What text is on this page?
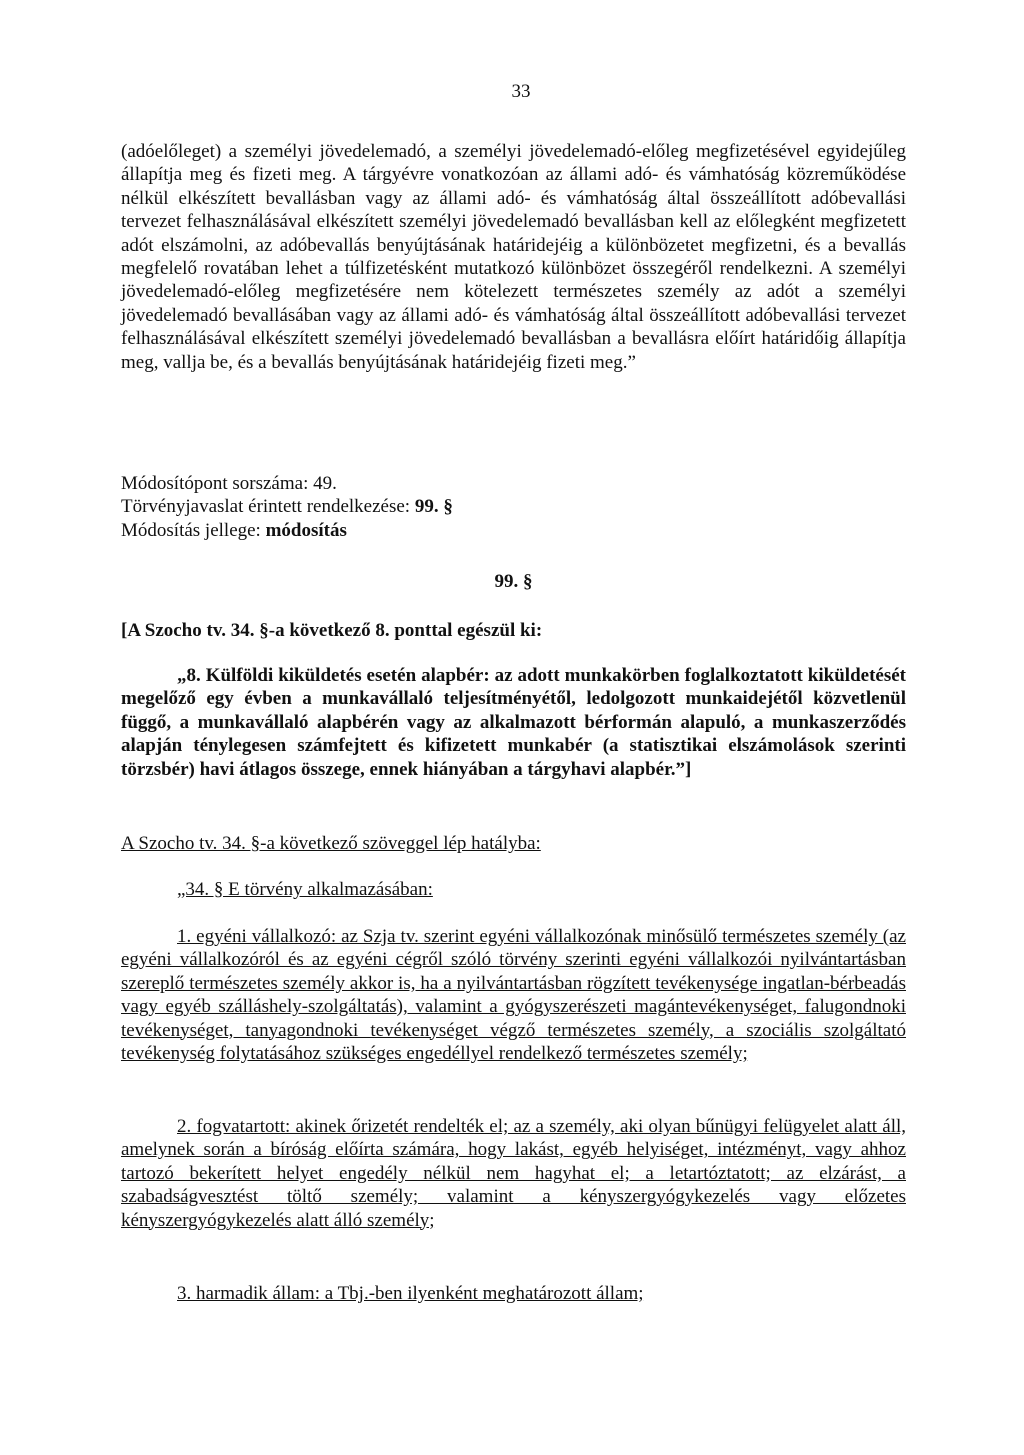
33

(adóelőleget) a személyi jövedelemadó, a személyi jövedelemadó-előleg megfizetésével egyidejűleg állapítja meg és fizeti meg. A tárgyévre vonatkozóan az állami adó- és vámhatóság közreműködése nélkül elkészített bevallásban vagy az állami adó- és vámhatóság által összeállított adóbevallási tervezet felhasználásával elkészített személyi jövedelemadó bevallásban kell az előlegként megfizetett adót elszámolni, az adóbevallás benyújtásának határidejéig a különbözetet megfizetni, és a bevallás megfelelő rovatában lehet a túlfizetésként mutatkozó különbözet összegéről rendelkezni. A személyi jövedelemadó-előleg megfizetésére nem kötelezett természetes személy az adót a személyi jövedelemadó bevallásában vagy az állami adó- és vámhatóság által összeállított adóbevallási tervezet felhasználásával elkészített személyi jövedelemadó bevallásban a bevallásra előírt határidőig állapítja meg, vallja be, és a bevallás benyújtásának határidejéig fizeti meg.”

Módosítópont sorszáma: 49.

Törvényjavaslat érintett rendelkezése: 99. §

Módosítás jellege: módosítás

99. §

[A Szocho tv. 34. §-a következő 8. ponttal egészül ki:

„8. Külföldi kiküldetés esetén alapbér: az adott munkakörben foglalkoztatott kiküldetését megelőző egy évben a munkavállaló teljesítményétől, ledolgozott munkaidejétől közvetlenül függő, a munkavállaló alapbérén vagy az alkalmazott bérformán alapuló, a munkaszerződés alapján ténylegesen számfejtett és kifizetett munkabér (a statisztikai elszámolások szerinti törzsbér) havi átlagos összege, ennek hiányában a tárgyhavi alapbér.”]

A Szocho tv. 34. §-a következő szöveggel lép hatályba:

„34. § E törvény alkalmazásában:

1. egyéni vállalkozó: az Szja tv. szerint egyéni vállalkozónak minősülő természetes személy (az egyéni vállalkozóról és az egyéni cégről szóló törvény szerinti egyéni vállalkozói nyilvántartásban szereplő természetes személy akkor is, ha a nyilvántartásban rögzített tevékenysége ingatlan-bérbeadás vagy egyéb szálláshely-szolgáltatás), valamint a gyógyszerészeti magántevékenységet, falugondnoki tevékenységet, tanyagondnoki tevékenységet végző természetes személy, a szociális szolgáltató tevékenység folytatásához szükséges engedéllyel rendelkező természetes személy;

2. fogvatartott: akinek őrizetét rendelték el; az a személy, aki olyan bűnügyi felügyelet alatt áll, amelynek során a bíróság előírta számára, hogy lakást, egyéb helyiséget, intézményt, vagy ahhoz tartozó bekerített helyet engedély nélkül nem hagyhat el; a letartóztatott; az elzárást, a szabadságvesztést töltő személy; valamint a kényszergyógykezelés vagy előzetes kényszergyógykezelés alatt álló személy;

3. harmadik állam: a Tbj.-ben ilyenként meghatározott állam;
